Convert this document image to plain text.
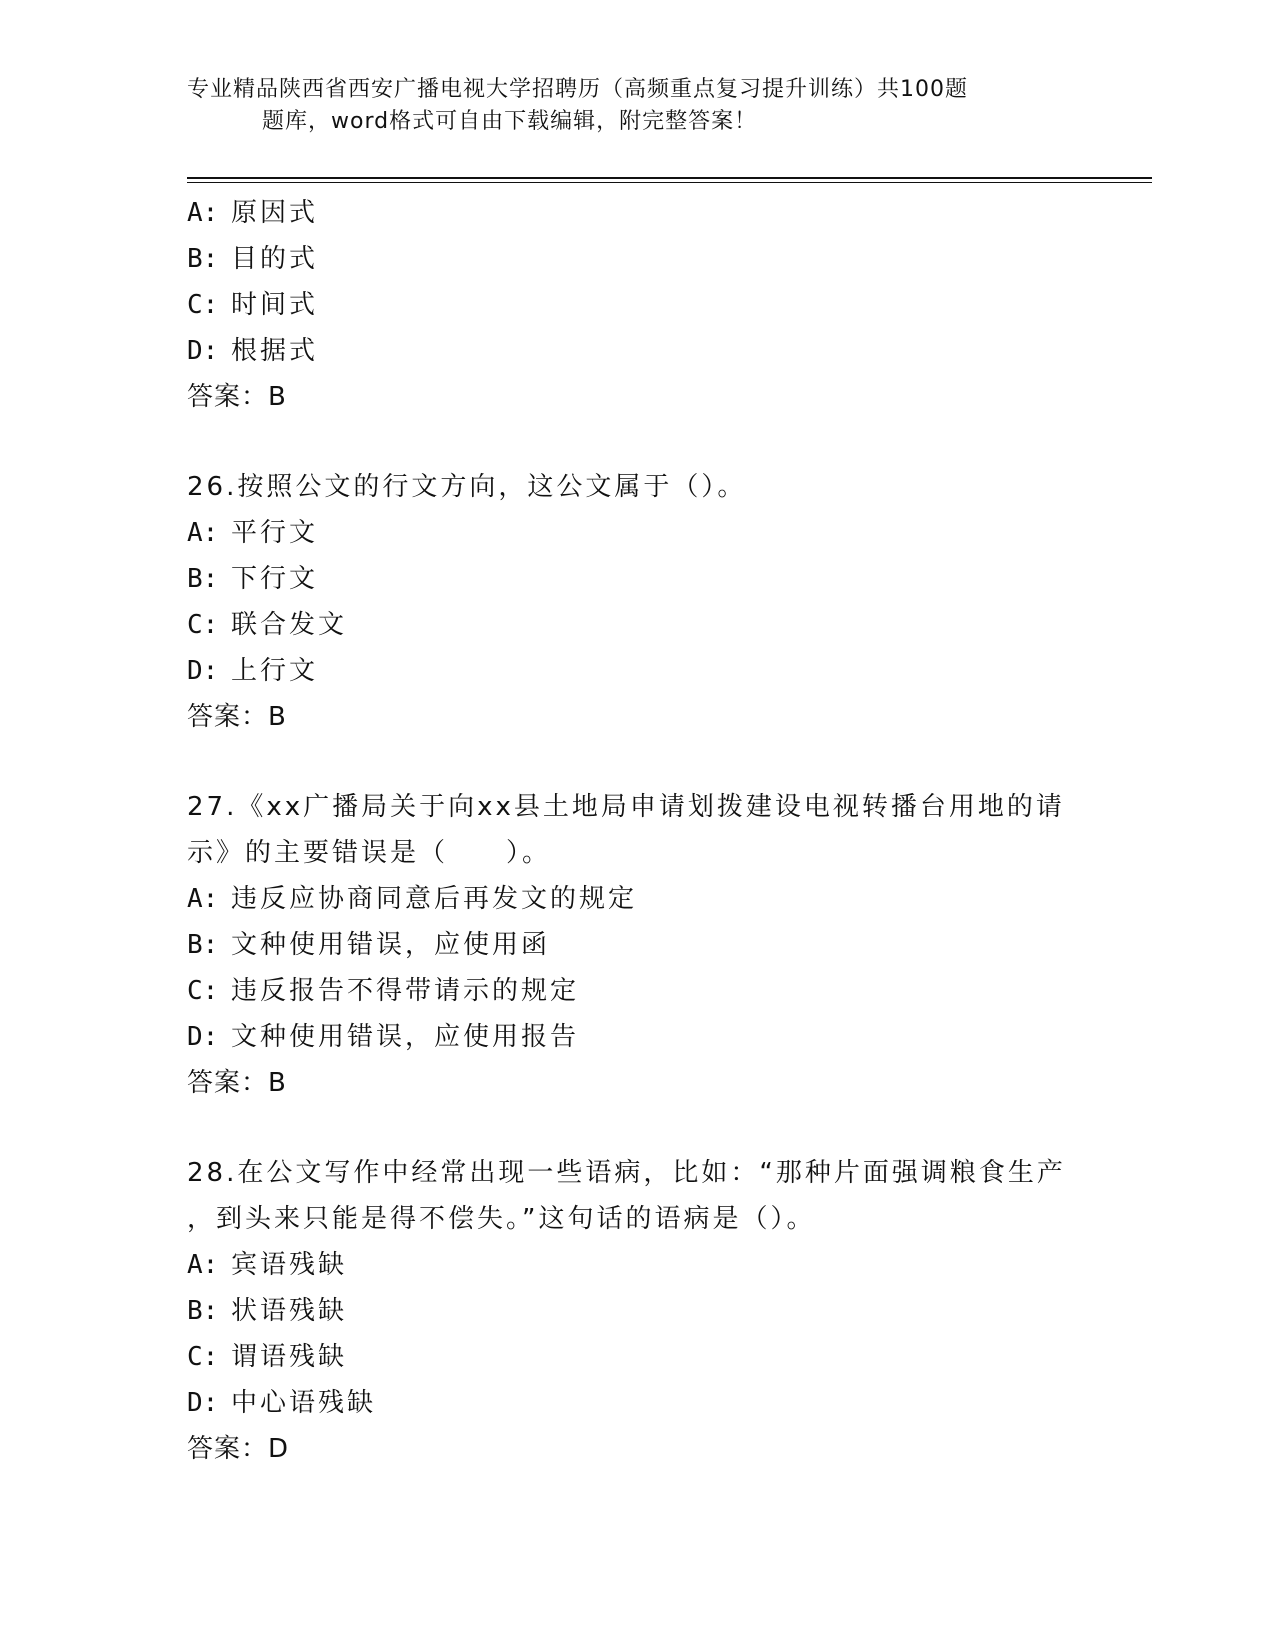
专业精品陕西省西安广播电视大学招聘历（高频重点复习提升训练）共100题
题库，word格式可自由下载编辑，附完整答案！
A: 原因式
B: 目的式
C: 时间式
D: 根据式
答案：B
26.按照公文的行文方向，这公文属于（）。
A: 平行文
B: 下行文
C: 联合发文
D: 上行文
答案：B
27.《xx广播局关于向xx县土地局申请划拨建设电视转播台用地的请
示》的主要错误是（　　）。
A: 违反应协商同意后再发文的规定
B: 文种使用错误，应使用函
C: 违反报告不得带请示的规定
D: 文种使用错误，应使用报告
答案：B
28.在公文写作中经常出现一些语病，比如：“那种片面强调粮食生产
，到头来只能是得不偿失。”这句话的语病是（）。
A: 宾语残缺
B: 状语残缺
C: 谓语残缺
D: 中心语残缺
答案：D
